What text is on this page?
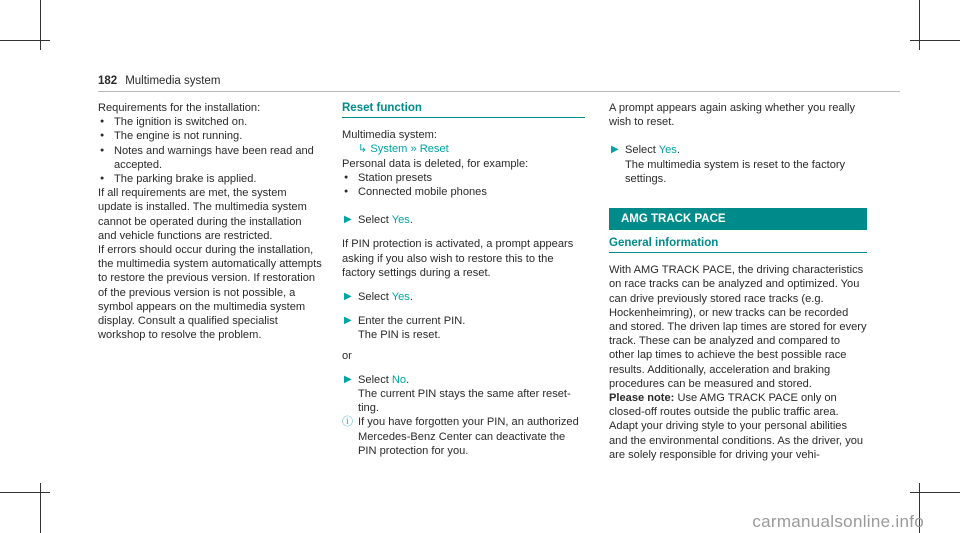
182 Multimedia system

Requirements for the installation:

● The ignition is switched on.
● The engine is not running.
● Notes and warnings have been read and accepted.
● The parking brake is applied.

If all requirements are met, the system update is installed. The multimedia system cannot be operated during the installation and vehicle functions are restricted.

If errors should occur during the installation, the multimedia system automatically attempts to restore the previous version. If restoration of the previous version is not possible, a symbol appears on the multimedia system display. Consult a qualified specialist workshop to resolve the problem.

Reset function

Multimedia system:

↳ System » Reset

Personal data is deleted, for example:

● Station presets
● Connected mobile phones

▶ Select Yes.

If PIN protection is activated, a prompt appears asking if you also wish to restore this to the factory settings during a reset.

▶ Select Yes.

▶ Enter the current PIN.

The PIN is reset.

or

▶ Select No.

The current PIN stays the same after reset-ting.

ⓘ If you have forgotten your PIN, an authorized Mercedes-Benz Center can deactivate the PIN protection for you.

A prompt appears again asking whether you really wish to reset.

▶ Select Yes.

The multimedia system is reset to the factory settings.

AMG TRACK PACE
General information

With AMG TRACK PACE, the driving characteristics on race tracks can be analyzed and optimized. You can drive previously stored race tracks (e.g. Hockenheimring), or new tracks can be recorded and stored. The driven lap times are stored for every track. These can be analyzed and compared to other lap times to achieve the best possible race results. Additionally, acceleration and braking procedures can be measured and stored.

Please note: Use AMG TRACK PACE only on closed-off routes outside the public traffic area. Adapt your driving style to your personal abilities and the environmental conditions. As the driver, you are solely responsible for driving your vehi-

carmanualsonline.info
